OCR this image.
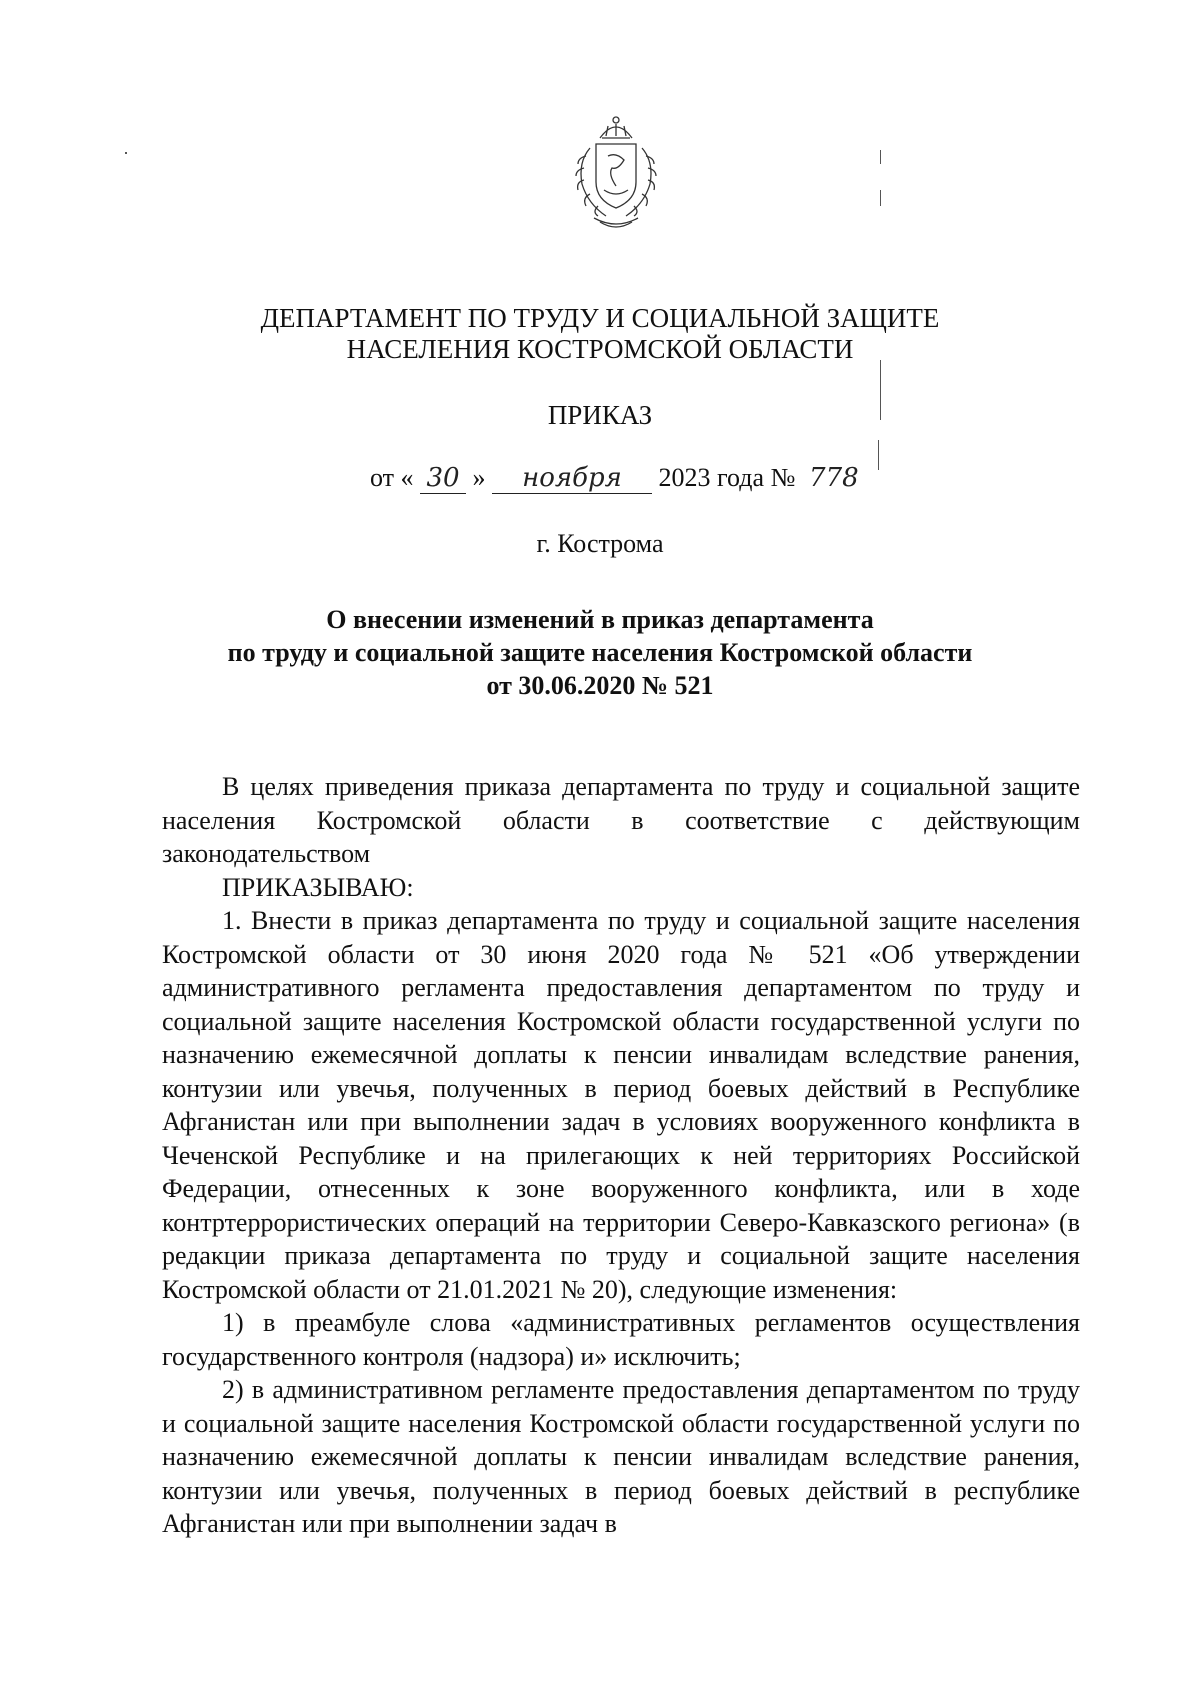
ДЕПАРТАМЕНТ ПО ТРУДУ И СОЦИАЛЬНОЙ ЗАЩИТЕ
НАСЕЛЕНИЯ КОСТРОМСКОЙ ОБЛАСТИ
ПРИКАЗ
от « 30 » ноября 2023 года № 778
г. Кострома
О внесении изменений в приказ департамента
по труду и социальной защите населения Костромской области
от 30.06.2020 № 521

В целях приведения приказа департамента по труду и социальной защите населения Костромской области в соответствие с действующим законодательством

ПРИКАЗЫВАЮ:

1. Внести в приказ департамента по труду и социальной защите населения Костромской области от 30 июня 2020 года № 521 «Об утверждении административного регламента предоставления департаментом по труду и социальной защите населения Костромской области государственной услуги по назначению ежемесячной доплаты к пенсии инвалидам вследствие ранения, контузии или увечья, полученных в период боевых действий в Республике Афганистан или при выполнении задач в условиях вооруженного конфликта в Чеченской Республике и на прилегающих к ней территориях Российской Федерации, отнесенных к зоне вооруженного конфликта, или в ходе контртеррористических операций на территории Северо-Кавказского региона» (в редакции приказа департамента по труду и социальной защите населения Костромской области от 21.01.2021 № 20), следующие изменения:

1) в преамбуле слова «административных регламентов осуществления государственного контроля (надзора) и» исключить;

2) в административном регламенте предоставления департаментом по труду и социальной защите населения Костромской области государственной услуги по назначению ежемесячной доплаты к пенсии инвалидам вследствие ранения, контузии или увечья, полученных в период боевых действий в республике Афганистан или при выполнении задач в
